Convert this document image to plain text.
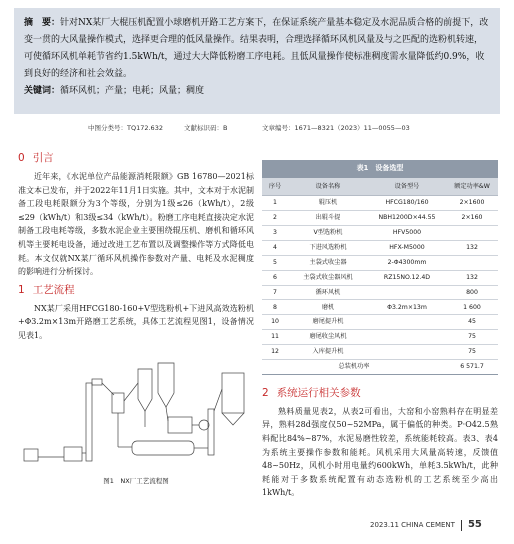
摘　要：针对NX某厂大棍压机配置小球磨机开路工艺方案下，在保证系统产量基本稳定及水泥品质合格的前提下，改变一贯的大风量操作模式，选择更合理的低风量操作。结果表明，合理选择循环风机风量及与之匹配的选粉机转速，可使循环风机单耗节省约1.5kWh/t，通过大大降低粉磨工序电耗。且低风量操作使标准稠度需水量降低约0.9%，收到良好的经济和社会效益。
关键词：循环风机；产量；电耗；风量；稠度
中图分类号：TQ172.632	文献标识码：B	文章编号：1671—8321（2023）11—0055—03
0 引言

近年来，《水泥单位产品能源消耗限额》GB 16780—2021标准文本已发布，并于2022年11月1日实施。其中，文本对于水泥制备工段电耗限额分为3个等级，分别为1级≤26（kWh/t），2级≤29（kWh/t）和3级≤34（kWh/t）。粉磨工序电耗直接决定水泥制备工段电耗等级，多数水泥企业主要围绕辊压机、磨机和循环风机等主要耗电设备，通过改进工艺布置以及调整操作等方式降低电耗。本文仅就NX某厂循环风机操作参数对产量、电耗及水泥稠度的影响进行分析探讨。

1 工艺流程

NX某厂采用HFCG180-160+V型选粉机+下进风高效选粉机+Φ3.2m×13m开路磨工艺系统，具体工艺流程见图1，设备情况见表1。

图1　NX厂工艺流程图
表1　设备选型
序号	设备名称	设备型号	额定功率&W
1	辊压机	HFCG180/160	2×1600
2	出辊斗提	NBH1200D×44.55	2×160
3	V型选粉机	HFV5000	
4	下进风选粉机	HFX-M5000	132
5	主袋式收尘器	2-Φ4300mm	
6	主袋式收尘器风机	RZ15NO.12.4D	132
7	循环风机		800
8	磨机	Φ3.2m×13m	1 600
10	磨尾提升机		45
11	磨尾收尘风机		75
12	入库提升机		75
总装机功率			6 571.7
2 系统运行相关参数

熟料质量见表2，从表2可看出，大窑和小窑熟料存在明显差异，熟料28d强度仅50~52MPa，属于偏低的种类。P·O42.5熟料配比84%~87%，水泥易磨性较差，系统能耗较高。表3、表4为系统主要操作参数和能耗。风机采用大风量高转速，反馈值48~50Hz，风机小时用电量约600kWh，单耗3.5kWh/t，此种耗能对于多数系统配置有动态选粉机的工艺系统至少高出1kWh/t。

2023.11 CHINA CEMENT 55
